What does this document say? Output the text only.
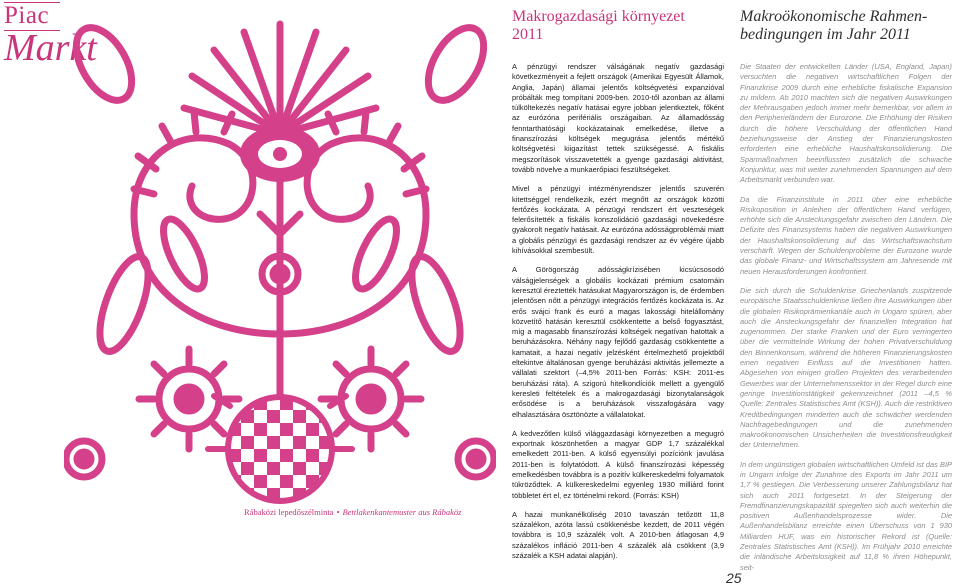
Piac
Markt
Rábaközi lepedőszélminta • Bettlakenkantemuster aus Rábaköz
Makrogazdasági környezet
2011

A pénzügyi rendszer válságának negatív gazdasági következményeit a fejlett országok (Amerikai Egyesült Államok, Anglia, Japán) államai jelentős költségvetési expanzióval próbálták meg tompítani 2009-ben. 2010-től azonban az állami túlköltekezés negatív hatásai egyre jobban jelentkeztek, főként az eurózóna perifériális országaiban. Az államadósság fenntarthatósági kockázatainak emelkedése, illetve a finanszírozási költségek megugrása jelentős mértékű költségvetési kiigazítást tettek szükségessé. A fiskális megszorítások visszavetették a gyenge gazdasági aktivitást, tovább növelve a munkaerőpiaci feszültségeket.

Mivel a pénzügyi intézményrendszer jelentős szuverén kitettséggel rendelkezik, ezért megnőtt az országok közötti fertőzés kockázata. A pénzügyi rendszert ért veszteségek felerősítették a fiskális konszolidáció gazdasági növekedésre gyakorolt negatív hatásait. Az eurózóna adósságproblémái miatt a globális pénzügyi és gazdasági rendszer az év végére újabb kihívásokkal szembesült.

A Görögország adósságkrízisében kicsúcsosodó válságjelenségek a globális kockázati prémium csatornáin keresztül éreztették hatásukat Magyarországon is, de érdemben jelentősen nőtt a pénzügyi integrációs fertőzés kockázata is. Az erős svájci frank és euró a magas lakossági hitelállomány közvetítő hatásán keresztül csökkentette a belső fogyasztást, míg a magasabb finanszírozási költségek negatívan hatottak a beruházásokra. Néhány nagy fejlődő gazdaság csökkentette a kamatait, a hazai negatív jelzésként értelmezhető projektből eltekintve általánosan gyenge beruházási aktivitás jellemezte a vállalati szektort (–4,5% 2011-ben Forrás: KSH: 2011-es beruházási ráta). A szigorú hitelkondíciók mellett a gyengülő keresleti feltételek és a makrogazdasági bizonytalanságok erősödése is a beruházások visszafogására vagy elhalasztására ösztönözte a vállalatokat.

A kedvezőtlen külső világgazdasági környezetben a megugró exportnak köszönhetően a magyar GDP 1,7 százalékkal emelkedett 2011-ben. A külső egyensúlyi pozíciónk javulása 2011-ben is folytatódott. A külső finanszírozási képesség emelkedésben továbbra is a pozitív külkereskedelmi folyamatok tükröződtek. A külkereskedelmi egyenleg 1930 milliárd forint többletet ért el, ez történelmi rekord. (Forrás: KSH)

A hazai munkanélküliség 2010 tavaszán tetőzött 11,8 százalékon, azóta lassú csökkenésbe kezdett, de 2011 végén továbbra is 10,9 százalék volt. A 2010-ben átlagosan 4,9 százalékos infláció 2011-ben 4 százalék alá csökkent (3,9 százalék a KSH adatai alapján).

Makroökonomische Rahmen-
bedingungen im Jahr 2011

Die Staaten der entwickelten Länder (USA, England, Japan) versuchten die negativen wirtschaftlichen Folgen der Finanzkrise 2009 durch eine erhebliche fiskalische Expansion zu mildern. Ab 2010 machten sich die negativen Auswirkungen der Mehrausgaben jedoch immer mehr bemerkbar, vor allem in den Peripherieländern der Eurozone. Die Erhöhung der Risiken durch die höhere Verschuldung der öffentlichen Hand beziehungsweise der Anstieg der Finanzierungskosten erforderten eine erhebliche Haushaltskonsolidierung. Die Sparmaßnahmen beeinflussten zusätzlich die schwache Konjunktur, was mit weiter zunehmenden Spannungen auf dem Arbeitsmarkt verbunden war.

Da die Finanzinstitute in 2011 über eine erhebliche Risikoposition in Anleihen der öffentlichen Hand verfügen, erhöhte sich die Ansteckungsgefahr zwischen den Ländern. Die Defizite des Finanzsystems haben die negativen Auswirkungen der Haushaltskonsolidierung auf das Wirtschaftswachstum verschärft. Wegen der Schuldenprobleme der Eurozone wurde das globale Finanz- und Wirtschaftssystem am Jahresende mit neuen Herausforderungen konfrontiert.

Die sich durch die Schuldenkrise Griechenlands zuspitzende europäische Staatsschuldenkrise ließen ihre Auswirkungen über die globalen Risikoprämienkanäle auch in Ungarn spüren, aber auch die Ansteckungsgefahr der finanziellen Integration hat zugenommen. Der starke Franken und der Euro verringerten über die vermittelnde Wirkung der hohen Privatverschuldung den Binnenkonsum, während die höheren Finanzierungskosten einen negativen Einfluss auf die Investitionen hatten. Abgesehen von einigen großen Projekten des verarbeitenden Gewerbes war der Unternehmenssektor in der Regel durch eine geringe Investitionstätigkeit gekennzeichnet (2011 –4,5 % Quelle: Zentrales Statistisches Amt (KSH)). Auch die restriktiven Kreditbedingungen minderten auch die schwächer werdenden Nachfragebedingungen und die zunehmenden makroökonomischen Unsicherheiten die Investitionsfreudigkeit der Unternehmen.

In dem ungünstigen globalen wirtschaftlichen Umfeld ist das BIP in Ungarn infolge der Zunahme des Exports im Jahr 2011 um 1,7 % gestiegen. Die Verbesserung unserer Zahlungsbilanz hat sich auch 2011 fortgesetzt. In der Steigerung der Fremdfinanzierungskapazität spiegelten sich auch weiterhin die positiven Außenhandelsprozesse wider. Die Außenhandelsbilanz erreichte einen Überschuss von 1 930 Milliarden HUF, was ein historischer Rekord ist (Quelle: Zentrales Statistisches Amt (KSH)). Im Frühjahr 2010 erreichte die inländische Arbeitslosigkeit auf 11,8 % ihren Höhepunkt, seit-

25
